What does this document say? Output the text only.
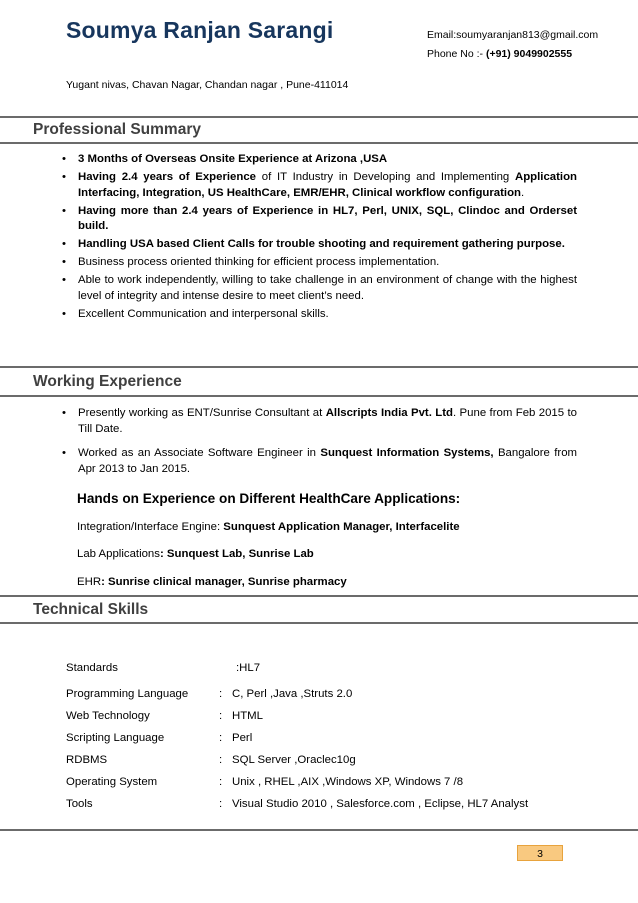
Soumya Ranjan Sarangi	Email:soumyaranjan813@gmail.com
Phone No :- (+91) 9049902555
Yugant nivas, Chavan Nagar, Chandan nagar , Pune-411014
Professional Summary
• 3 Months of Overseas Onsite Experience at Arizona ,USA
• Having 2.4 years of Experience of IT Industry in Developing and Implementing Application Interfacing, Integration, US HealthCare, EMR/EHR, Clinical workflow configuration.
• Having more than 2.4 years of Experience in HL7, Perl, UNIX, SQL, Clindoc and Orderset build.
• Handling USA based Client Calls for trouble shooting and requirement gathering purpose.
• Business process oriented thinking for efficient process implementation.
• Able to work independently, willing to take challenge in an environment of change with the highest level of integrity and intense desire to meet client’s need.
• Excellent Communication and interpersonal skills.
Working Experience
• Presently working as ENT/Sunrise Consultant at Allscripts India Pvt. Ltd. Pune from Feb 2015 to Till Date.
• Worked as an Associate Software Engineer in Sunquest Information Systems, Bangalore from Apr 2013 to Jan 2015.
Hands on Experience on Different HealthCare Applications:
Integration/Interface Engine: Sunquest Application Manager, Interfacelite
Lab Applications: Sunquest Lab, Sunrise Lab
EHR: Sunrise clinical manager, Sunrise pharmacy
Technical Skills
Standards	:HL7
Programming Language	:	C, Perl ,Java ,Struts 2.0
Web Technology	:	HTML
Scripting Language	:	Perl
RDBMS	:	SQL Server ,Oraclec10g
Operating System	:	Unix , RHEL ,AIX ,Windows XP, Windows 7 /8
Tools	:	Visual Studio 2010 , Salesforce.com , Eclipse, HL7 Analyst
3
